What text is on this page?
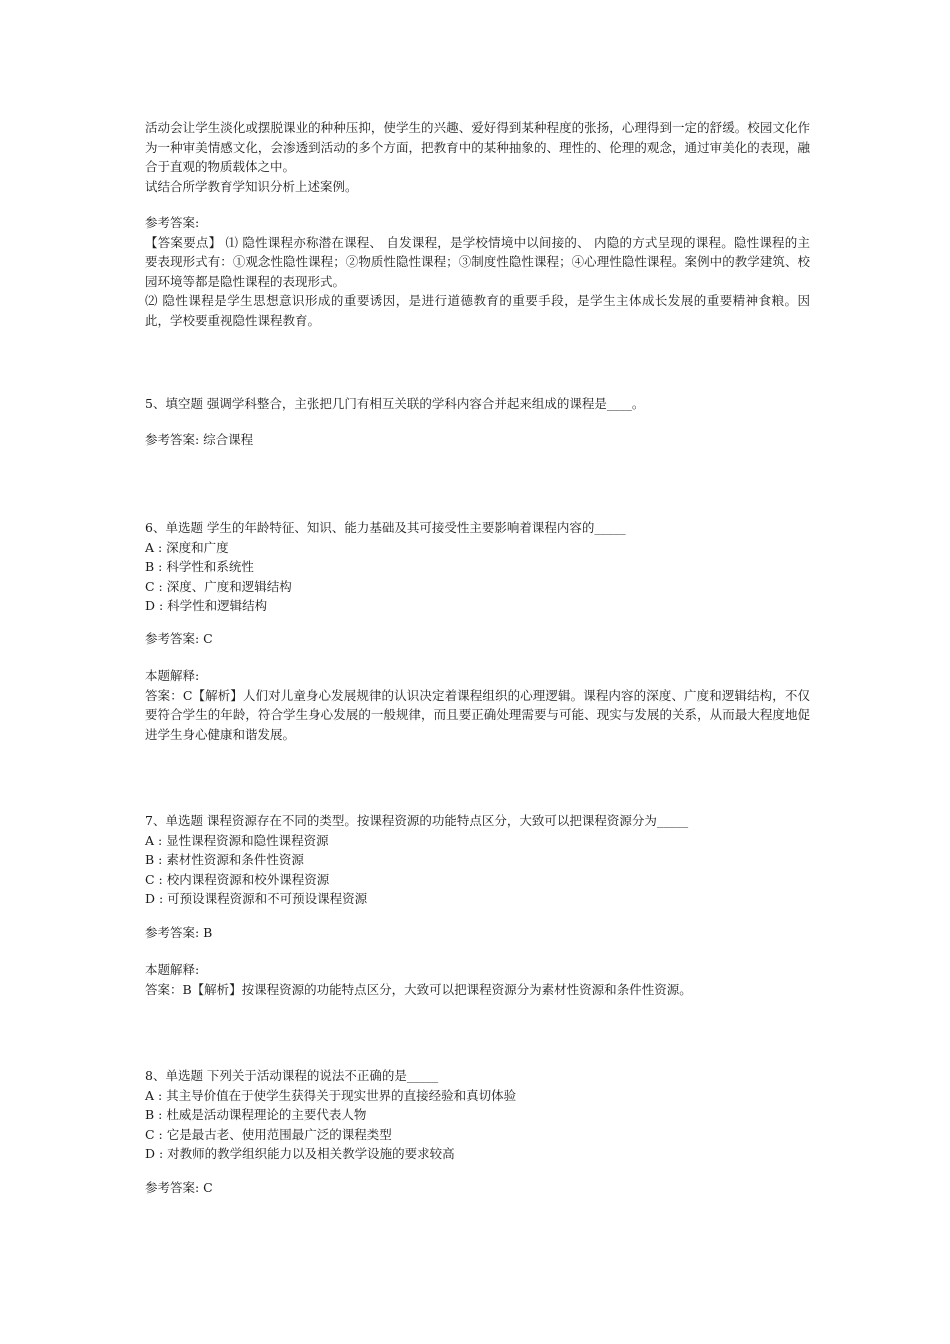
活动会让学生淡化或摆脱课业的种种压抑，使学生的兴趣、爱好得到某种程度的张扬，心理得到一定的舒缓。校园文化作为一种审美情感文化，会渗透到活动的多个方面，把教育中的某种抽象的、理性的、伦理的观念，通过审美化的表现，融合于直观的物质载体之中。
试结合所学教育学知识分析上述案例。
参考答案:
【答案要点】 ⑴ 隐性课程亦称潜在课程、 自发课程，是学校情境中以间接的、 内隐的方式呈现的课程。隐性课程的主要表现形式有：①观念性隐性课程；②物质性隐性课程；③制度性隐性课程；④心理性隐性课程。案例中的教学建筑、校园环境等都是隐性课程的表现形式。
⑵ 隐性课程是学生思想意识形成的重要诱因，是进行道德教育的重要手段，是学生主体成长发展的重要精神食粮。因此，学校要重视隐性课程教育。
5、填空题 强调学科整合，主张把几门有相互关联的学科内容合并起来组成的课程是____。
参考答案: 综合课程
6、单选题 学生的年龄特征、知识、能力基础及其可接受性主要影响着课程内容的_____
A : 深度和广度
B : 科学性和系统性
C : 深度、广度和逻辑结构
D : 科学性和逻辑结构
参考答案: C
本题解释:
答案：C【解析】人们对儿童身心发展规律的认识决定着课程组织的心理逻辑。课程内容的深度、广度和逻辑结构，不仅要符合学生的年龄，符合学生身心发展的一般规律，而且要正确处理需要与可能、现实与发展的关系，从而最大程度地促进学生身心健康和谐发展。
7、单选题 课程资源存在不同的类型。按课程资源的功能特点区分，大致可以把课程资源分为_____
A : 显性课程资源和隐性课程资源
B : 素材性资源和条件性资源
C : 校内课程资源和校外课程资源
D : 可预设课程资源和不可预设课程资源
参考答案: B
本题解释:
答案：B【解析】按课程资源的功能特点区分，大致可以把课程资源分为素材性资源和条件性资源。
8、单选题 下列关于活动课程的说法不正确的是_____
A : 其主导价值在于使学生获得关于现实世界的直接经验和真切体验
B : 杜威是活动课程理论的主要代表人物
C : 它是最古老、使用范围最广泛的课程类型
D : 对教师的教学组织能力以及相关教学设施的要求较高
参考答案: C
